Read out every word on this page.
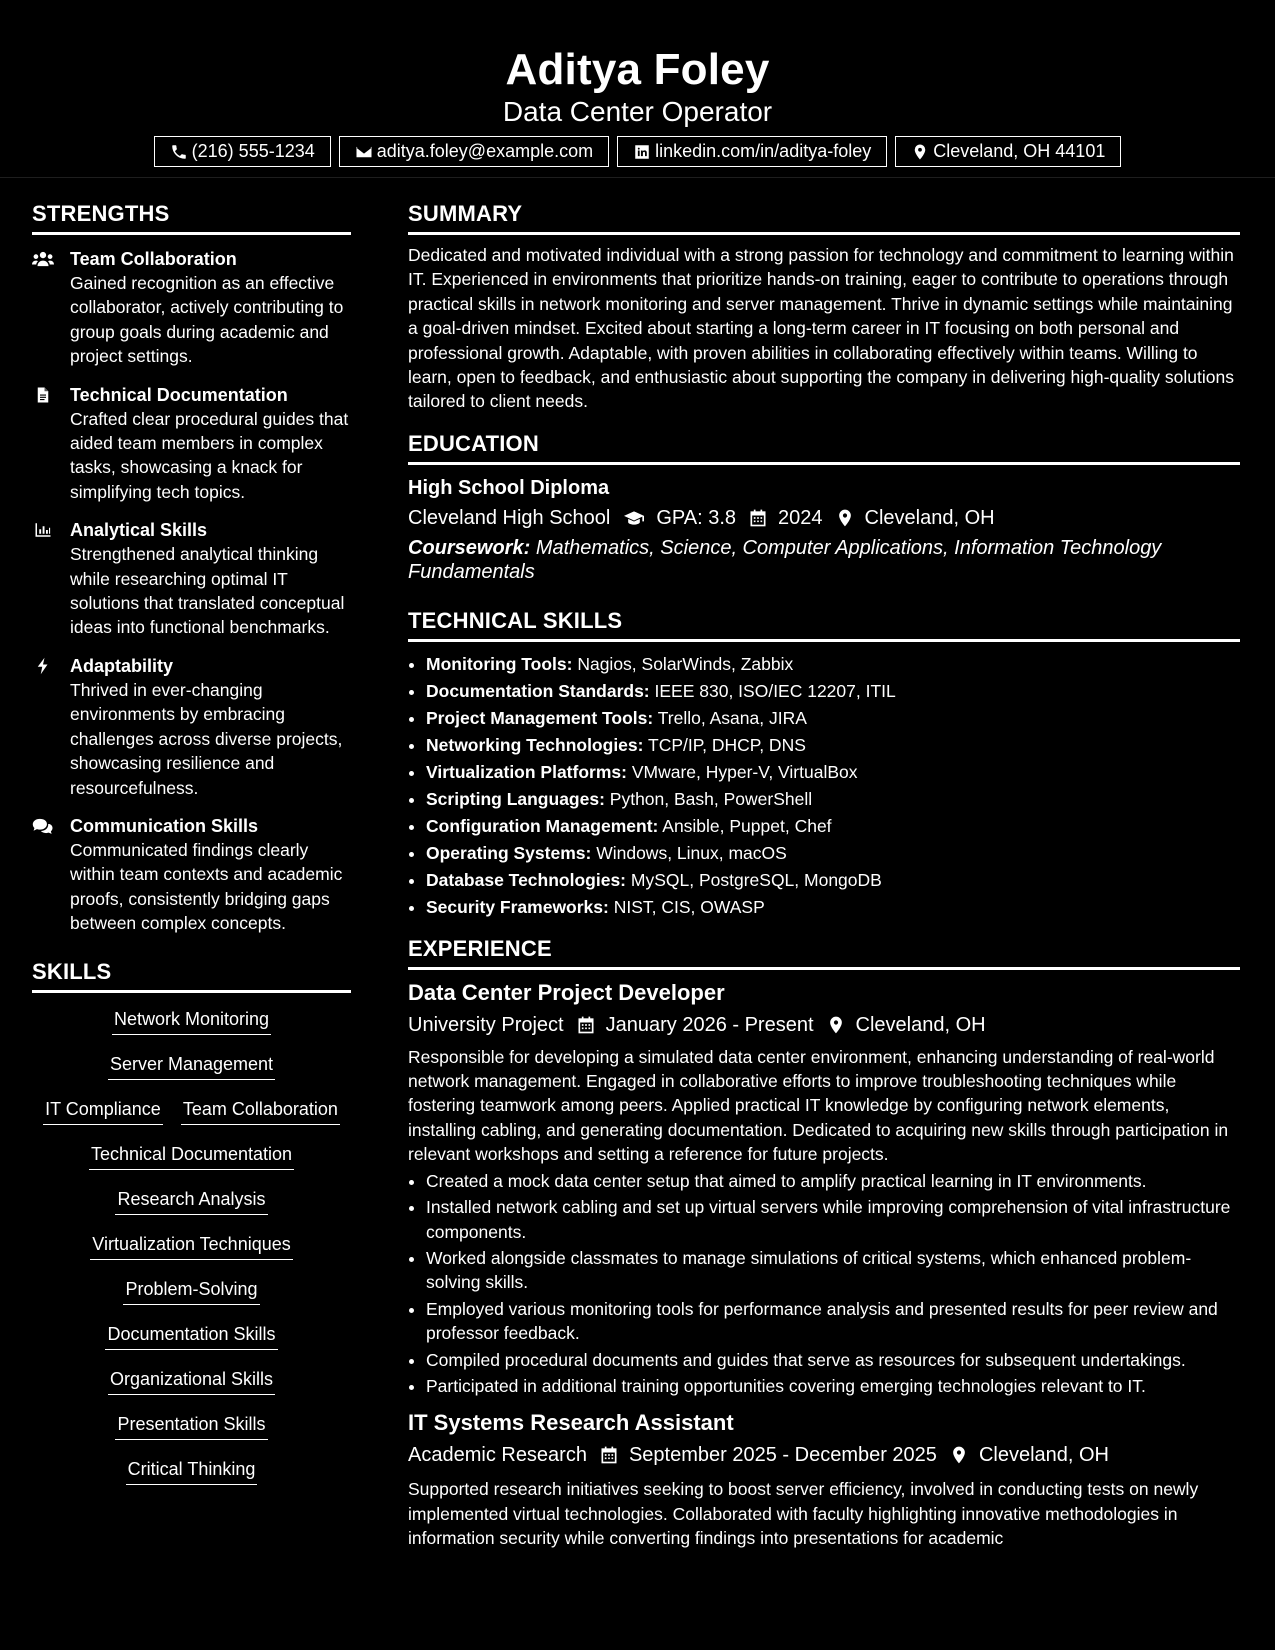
Aditya Foley
Data Center Operator
(216) 555-1234	aditya.foley@example.com	linkedin.com/in/aditya-foley	Cleveland, OH 44101
STRENGTHS
Team Collaboration
Gained recognition as an effective collaborator, actively contributing to group goals during academic and project settings.
Technical Documentation
Crafted clear procedural guides that aided team members in complex tasks, showcasing a knack for simplifying tech topics.
Analytical Skills
Strengthened analytical thinking while researching optimal IT solutions that translated conceptual ideas into functional benchmarks.
Adaptability
Thrived in ever-changing environments by embracing challenges across diverse projects, showcasing resilience and resourcefulness.
Communication Skills
Communicated findings clearly within team contexts and academic proofs, consistently bridging gaps between complex concepts.
SKILLS
Network Monitoring
Server Management
IT Compliance Team Collaboration
Technical Documentation
Research Analysis
Virtualization Techniques
Problem-Solving
Documentation Skills
Organizational Skills
Presentation Skills
Critical Thinking
SUMMARY
Dedicated and motivated individual with a strong passion for technology and commitment to learning within IT. Experienced in environments that prioritize hands-on training, eager to contribute to operations through practical skills in network monitoring and server management. Thrive in dynamic settings while maintaining a goal-driven mindset. Excited about starting a long-term career in IT focusing on both personal and professional growth. Adaptable, with proven abilities in collaborating effectively within teams. Willing to learn, open to feedback, and enthusiastic about supporting the company in delivering high-quality solutions tailored to client needs.
EDUCATION
High School Diploma
Cleveland High School GPA: 3.8 2024 Cleveland, OH
Coursework: Mathematics, Science, Computer Applications, Information Technology Fundamentals
TECHNICAL SKILLS
• Monitoring Tools: Nagios, SolarWinds, Zabbix
• Documentation Standards: IEEE 830, ISO/IEC 12207, ITIL
• Project Management Tools: Trello, Asana, JIRA
• Networking Technologies: TCP/IP, DHCP, DNS
• Virtualization Platforms: VMware, Hyper-V, VirtualBox
• Scripting Languages: Python, Bash, PowerShell
• Configuration Management: Ansible, Puppet, Chef
• Operating Systems: Windows, Linux, macOS
• Database Technologies: MySQL, PostgreSQL, MongoDB
• Security Frameworks: NIST, CIS, OWASP
EXPERIENCE
Data Center Project Developer
University Project January 2026 - Present Cleveland, OH
Responsible for developing a simulated data center environment, enhancing understanding of real-world network management. Engaged in collaborative efforts to improve troubleshooting techniques while fostering teamwork among peers. Applied practical IT knowledge by configuring network elements, installing cabling, and generating documentation. Dedicated to acquiring new skills through participation in relevant workshops and setting a reference for future projects.
• Created a mock data center setup that aimed to amplify practical learning in IT environments.
• Installed network cabling and set up virtual servers while improving comprehension of vital infrastructure components.
• Worked alongside classmates to manage simulations of critical systems, which enhanced problem-solving skills.
• Employed various monitoring tools for performance analysis and presented results for peer review and professor feedback.
• Compiled procedural documents and guides that serve as resources for subsequent undertakings.
• Participated in additional training opportunities covering emerging technologies relevant to IT.
IT Systems Research Assistant
Academic Research September 2025 - December 2025 Cleveland, OH
Supported research initiatives seeking to boost server efficiency, involved in conducting tests on newly implemented virtual technologies. Collaborated with faculty highlighting innovative methodologies in information security while converting findings into presentations for academic
